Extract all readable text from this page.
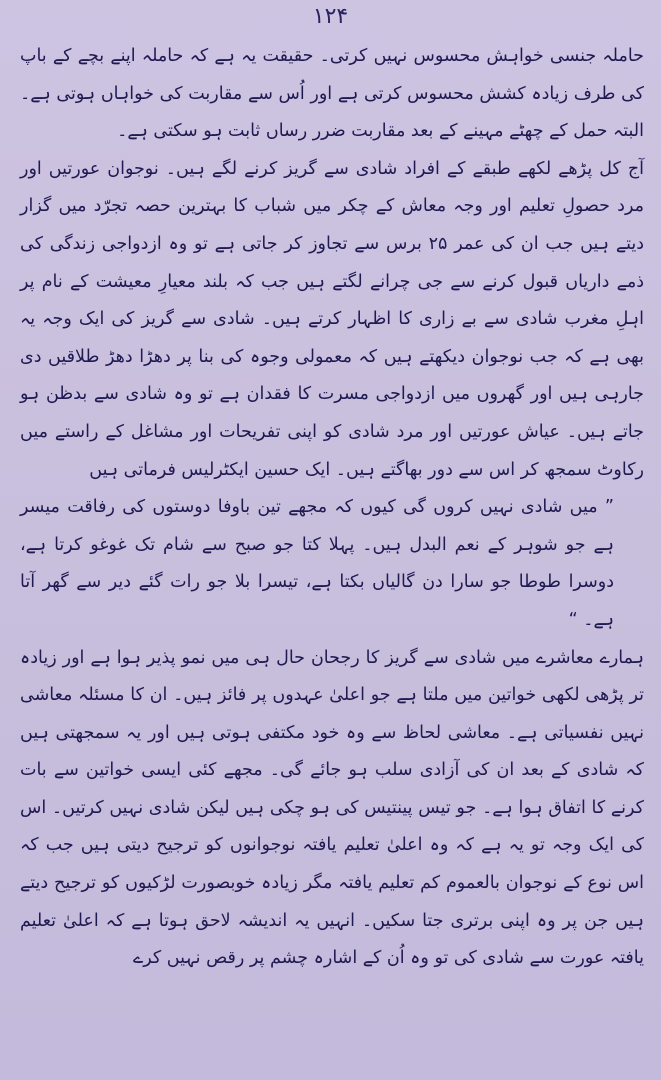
۱۲۴

حاملہ جنسی خواہش محسوس نہیں کرتی۔ حقیقت یہ ہے کہ حاملہ اپنے بچے کے باپ کی طرف زیادہ کشش محسوس کرتی ہے اور اُس سے مقاربت کی خواہاں ہوتی ہے۔ البتہ حمل کے چھٹے مہینے کے بعد مقاربت ضرر رساں ثابت ہو سکتی ہے۔

آج کل پڑھے لکھے طبقے کے افراد شادی سے گریز کرنے لگے ہیں۔ نوجوان عورتیں اور مرد حصولِ تعلیم اور وجہ معاش کے چکر میں شباب کا بہترین حصہ تجرّد میں گزار دیتے ہیں جب ان کی عمر ۲۵ برس سے تجاوز کر جاتی ہے تو وہ ازدواجی زندگی کی ذمے داریاں قبول کرنے سے جی چرانے لگتے ہیں جب کہ بلند معیارِ معیشت کے نام پر اہلِ مغرب شادی سے بے زاری کا اظہار کرتے ہیں۔ شادی سے گریز کی ایک وجہ یہ بھی ہے کہ جب نوجوان دیکھتے ہیں کہ معمولی وجوہ کی بنا پر دھڑا دھڑ طلاقیں دی جارہی ہیں اور گھروں میں ازدواجی مسرت کا فقدان ہے تو وہ شادی سے بدظن ہو جاتے ہیں۔ عیاش عورتیں اور مرد شادی کو اپنی تفریحات اور مشاغل کے راستے میں رکاوٹ سمجھ کر اس سے دور بھاگتے ہیں۔ ایک حسین ایکٹرلیس فرماتی ہیں

” میں شادی نہیں کروں گی کیوں کہ مجھے تین باوفا دوستوں کی رفاقت میسر ہے جو شوہر کے نعم البدل ہیں۔ پہلا کتا جو صبح سے شام تک غوغو کرتا ہے، دوسرا طوطا جو سارا دن گالیاں بکتا ہے، تیسرا بلا جو رات گئے دیر سے گھر آتا ہے۔ “

ہمارے معاشرے میں شادی سے گریز کا رجحان حال ہی میں نمو پذیر ہوا ہے اور زیادہ تر پڑھی لکھی خواتین میں ملتا ہے جو اعلیٰ عہدوں پر فائز ہیں۔ ان کا مسئلہ معاشی نہیں نفسیاتی ہے۔ معاشی لحاظ سے وہ خود مکتفی ہوتی ہیں اور یہ سمجھتی ہیں کہ شادی کے بعد ان کی آزادی سلب ہو جائے گی۔ مجھے کئی ایسی خواتین سے بات کرنے کا اتفاق ہوا ہے۔ جو تیس پینتیس کی ہو چکی ہیں لیکن شادی نہیں کرتیں۔ اس کی ایک وجہ تو یہ ہے کہ وہ اعلیٰ تعلیم یافتہ نوجوانوں کو ترجیح دیتی ہیں جب کہ اس نوع کے نوجوان بالعموم کم تعلیم یافتہ مگر زیادہ خوبصورت لڑکیوں کو ترجیح دیتے ہیں جن پر وہ اپنی برتری جتا سکیں۔ انہیں یہ اندیشہ لاحق ہوتا ہے کہ اعلیٰ تعلیم یافتہ عورت سے شادی کی تو وہ اُن کے اشارہ چشم پر رقص نہیں کرے
